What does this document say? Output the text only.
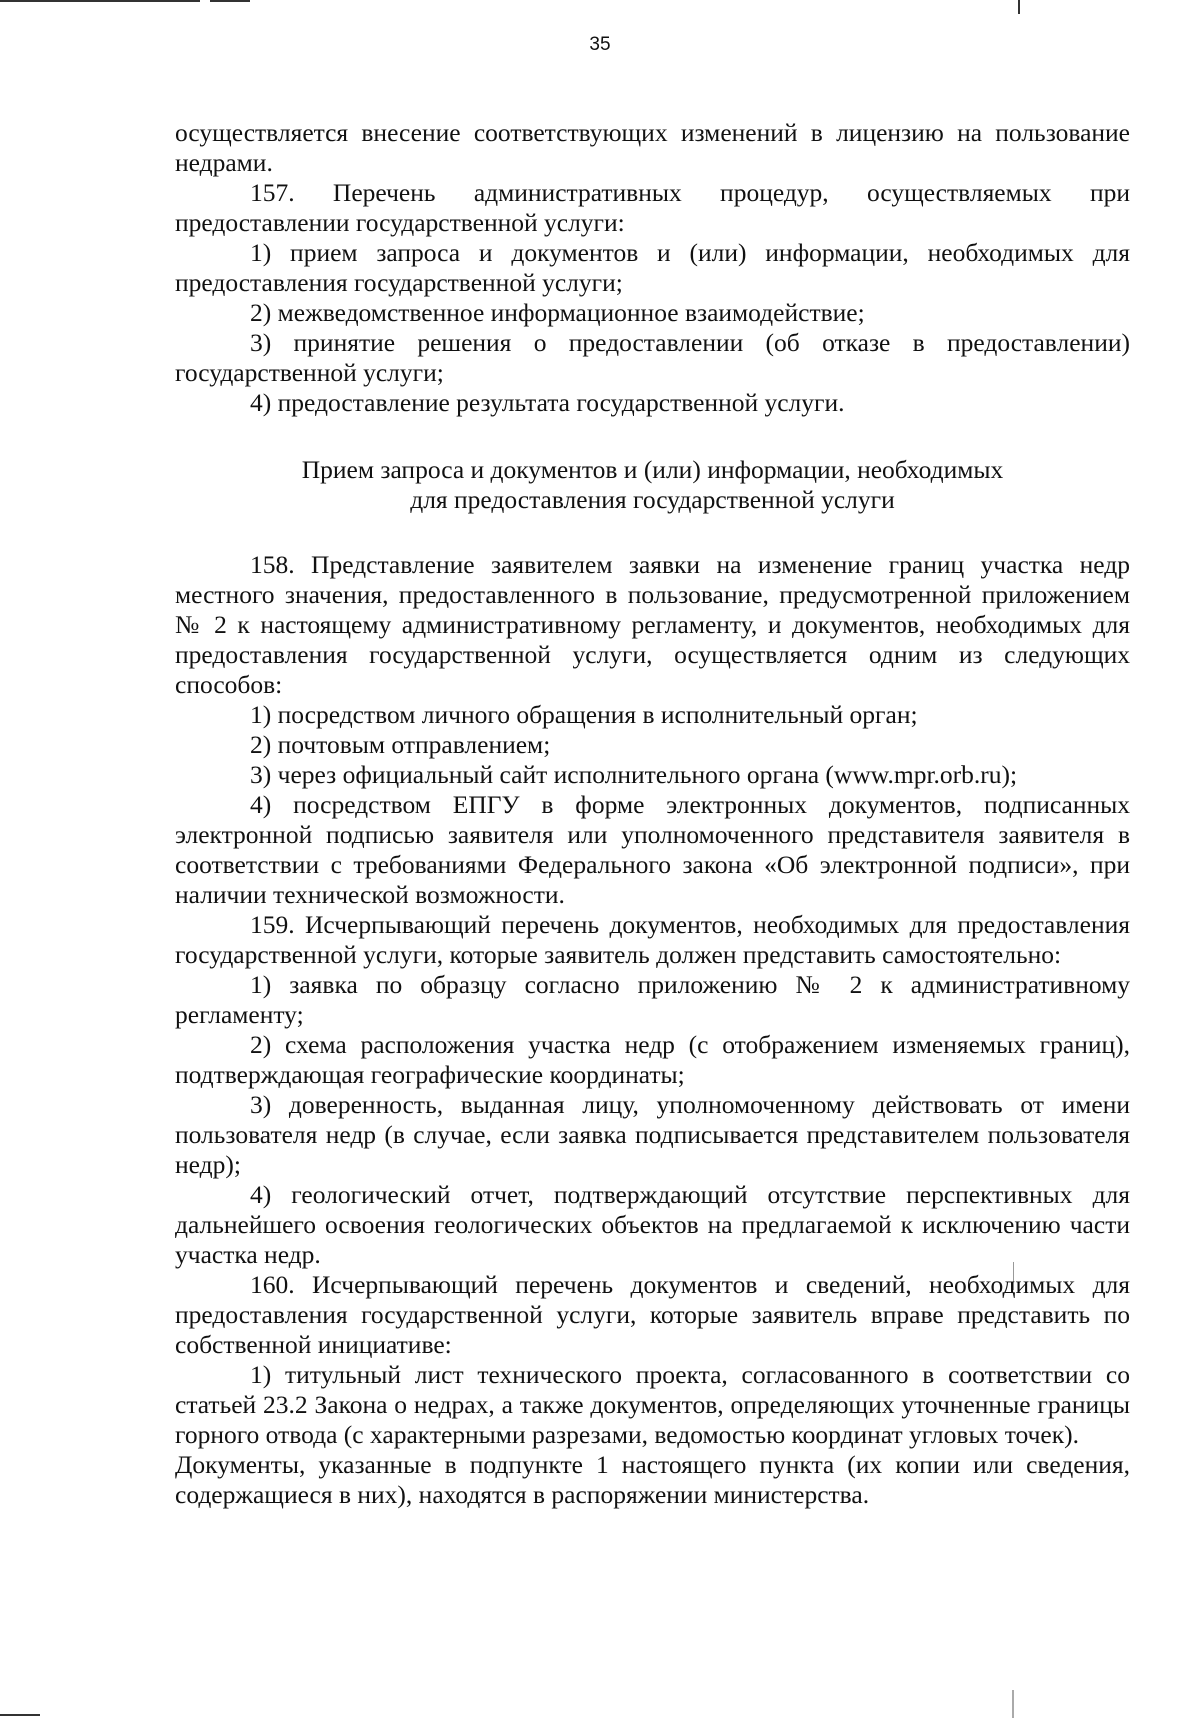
35

осуществляется внесение соответствующих изменений в лицензию на пользование недрами.

157. Перечень административных процедур, осуществляемых при предоставлении государственной услуги:

1) прием запроса и документов и (или) информации, необходимых для предоставления государственной услуги;

2) межведомственное информационное взаимодействие;

3) принятие решения о предоставлении (об отказе в предоставлении) государственной услуги;

4) предоставление результата государственной услуги.

Прием запроса и документов и (или) информации, необходимых
для предоставления государственной услуги

158. Представление заявителем заявки на изменение границ участка недр местного значения, предоставленного в пользование, предусмотренной приложением № 2 к настоящему административному регламенту, и документов, необходимых для предоставления государственной услуги, осуществляется одним из следующих способов:

1) посредством личного обращения в исполнительный орган;

2) почтовым отправлением;

3) через официальный сайт исполнительного органа (www.mpr.orb.ru);

4) посредством ЕПГУ в форме электронных документов, подписанных электронной подписью заявителя или уполномоченного представителя заявителя в соответствии с требованиями Федерального закона «Об электронной подписи», при наличии технической возможности.

159. Исчерпывающий перечень документов, необходимых для предоставления государственной услуги, которые заявитель должен представить самостоятельно:

1) заявка по образцу согласно приложению № 2 к административному регламенту;

2) схема расположения участка недр (с отображением изменяемых границ), подтверждающая географические координаты;

3) доверенность, выданная лицу, уполномоченному действовать от имени пользователя недр (в случае, если заявка подписывается представителем пользователя недр);

4) геологический отчет, подтверждающий отсутствие перспективных для дальнейшего освоения геологических объектов на предлагаемой к исключению части участка недр.

160. Исчерпывающий перечень документов и сведений, необходимых для предоставления государственной услуги, которые заявитель вправе представить по собственной инициативе:

1) титульный лист технического проекта, согласованного в соответствии со статьей 23.2 Закона о недрах, а также документов, определяющих уточненные границы горного отвода (с характерными разрезами, ведомостью координат угловых точек).

Документы, указанные в подпункте 1 настоящего пункта (их копии или сведения, содержащиеся в них), находятся в распоряжении министерства.
